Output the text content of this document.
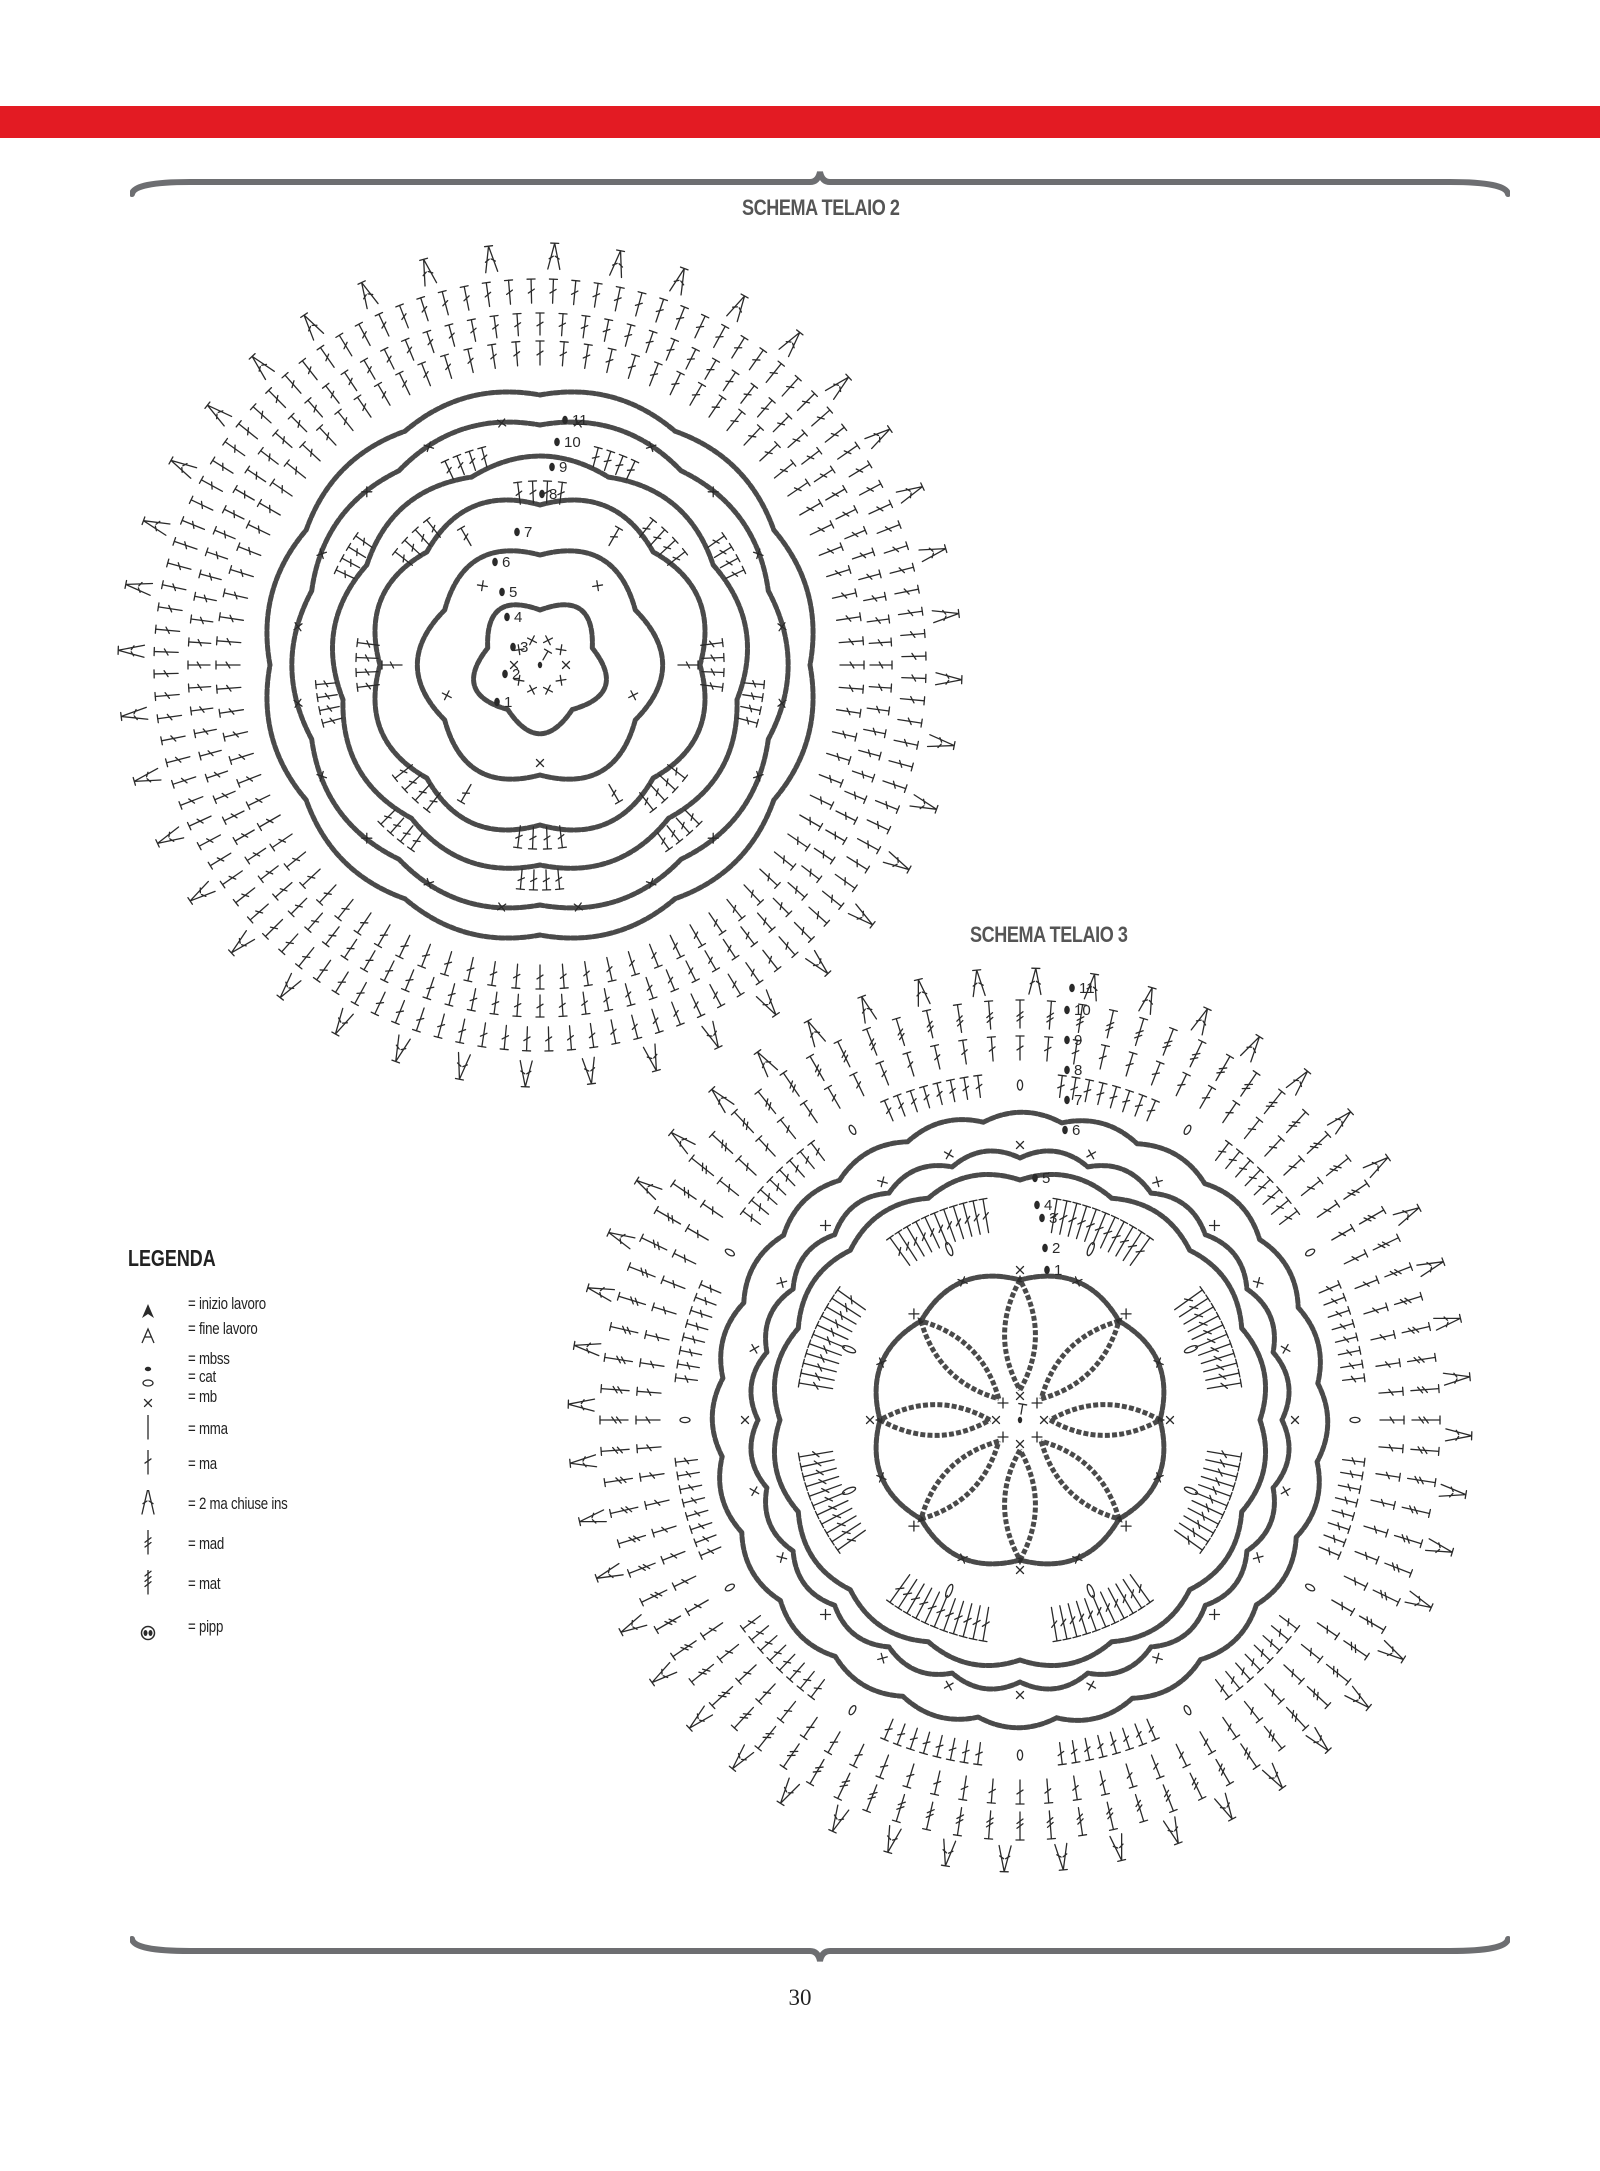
SCHEMA TELAIO 2
1
2
3
4
5
6
7
8
9
10
11
SCHEMA TELAIO 3
1
2
3
4
5
6
7
8
9
10
11
LEGENDA
= inizio lavoro
= fine lavoro
= mbss
= cat
= mb
= mma
= ma
= 2 ma chiuse ins
= mad
= mat
= pipp
30
